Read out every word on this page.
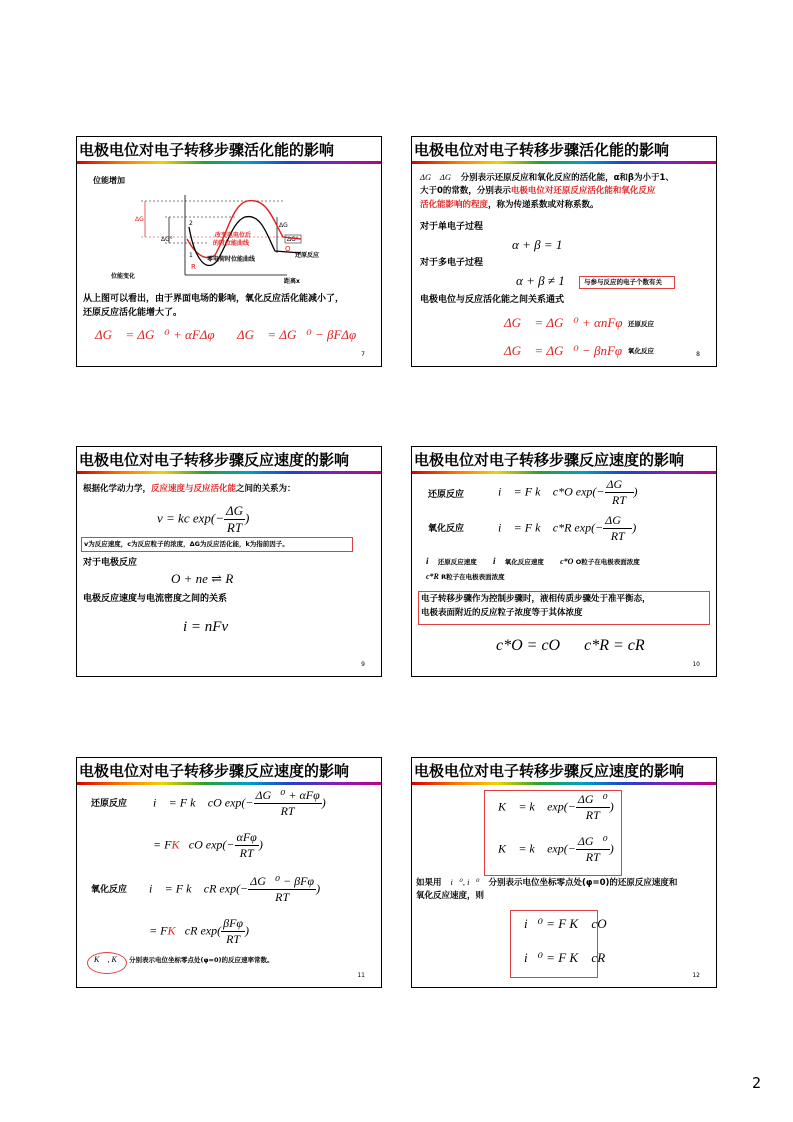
电极电位对电子转移步骤活化能的影响
位能增加
位能变化
距离x
ΔG
ΔG°
ΔG
ΔG°
1
2
改变电电位后
的时位能曲线
零电荷时位能曲线
O
R
还原反应
从上图可以看出，由于界面电场的影响，氧化反应活化能减小了，
还原反应活化能增大了。
ΔG⃗ = ΔG⃗⁰ + αFΔφ ΔG⃖ = ΔG⃖⁰ − βFΔφ
7
电极电位对电子转移步骤活化能的影响
ΔG⃗ ΔG⃖ 分别表示还原反应和氧化反应的活化能，α和β为小于1、
大于0的常数，分别表示电极电位对还原反应活化能和氧化反应
活化能影响的程度，称为传递系数或对称系数。
对于单电子过程
α + β = 1
对于多电子过程
α + β ≠ 1	与参与反应的电子个数有关
电极电位与反应活化能之间关系通式
ΔG⃗ = ΔG⃗⁰ + αnFφ 还原反应
ΔG⃖ = ΔG⃖⁰ − βnFφ 氧化反应	8
电极电位对电子转移步骤反应速度的影响
根据化学动力学，反应速度与反应活化能之间的关系为：
v = kc $\exp(- \frac{\Delta G}{RT}$ )
v为反应速度，c为反应粒子的浓度，ΔG为反应活化能，k为指前因子。
对于电极反应
O + ne ⇌ R
电极反应速度与电流密度之间的关系
i = nFv
9
电极电位对电子转移步骤反应速度的影响
还原反应	i⃗ = F k⃗ c*O $\exp(- \frac{\Delta G⃗}{RT}$ )
氧化反应	i⃖ = F k⃖ c*R $\exp(- \frac{\Delta G⃖}{RT}$ )
i⃗ 还原反应速度 i⃖ 氧化反应速度 c*O O粒子在电极表面浓度
c*R R粒子在电极表面浓度
电子转移步骤作为控制步骤时，液相传质步骤处于准平衡态，
电极表面附近的反应粒子浓度等于其体浓度
c*O = cO      c*R = cR
10
电极电位对电子转移步骤反应速度的影响
还原反应 i⃗ = F k⃗ cO $\exp(- \frac{\text{ΔG⃗⁰ + αFφ}}{RT}$ )
= FK⃗cO $\exp(- \frac{\text{αFφ}}{RT}$ )
氧化反应 i⃖ = F k⃖ cR $\exp(- \frac{\text{ΔG⃖⁰ − βFφ}}{RT}$ )
= FK⃖cR $\exp( \frac{\text{βFφ}}{RT}$ )
K⃗ , K⃖ 分别表示电位坐标零点处(φ=0)的反应速率常数。
11
电极电位对电子转移步骤反应速度的影响
K⃗ = k⃗ $\exp(- \frac{\text{ΔG⃗⁰}}{RT}$ )
K⃖ = k⃖ $\exp(- \frac{\text{ΔG⃖⁰}}{RT}$ )
如果用 i⃗⁰, i⃖⁰ 分别表示电位坐标零点处(φ=0)的还原反应速度和
氧化反应速度，则
i⃗⁰ = F K⃗ cO
i⃖⁰ = F K⃖ cR
12
2
